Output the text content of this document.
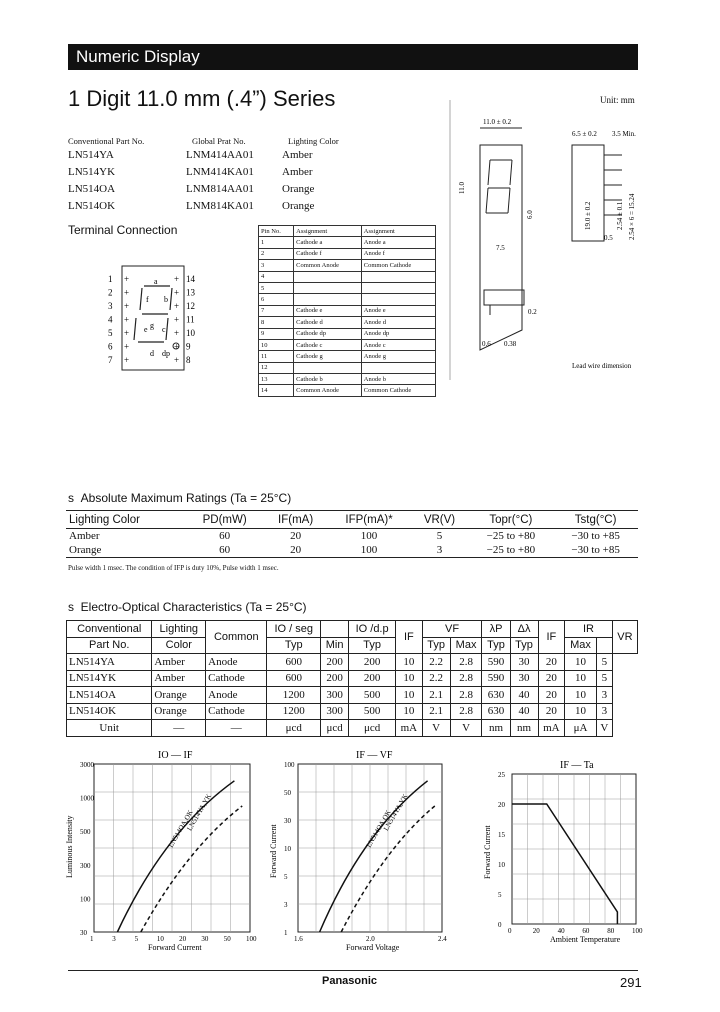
Numeric Display
1 Digit 11.0 mm (.4”) Series
Conventional Part No.	Global Prat No.	Lighting Color
LN514YA	LNM414AA01	Amber
LN514YK	LNM414KA01	Amber
LN514OA	LNM814AA01	Orange
LN514OK	LNM814KA01	Orange
Terminal Connection
1 +
2 +
3 +
4 +
5 +
6 +
7 +
+ 14
+ 13
+ 12
+ 11
+ 10
+ 9
+ 8
a
b
c
d
e
f
g
dp
Pin No.	Assignment	Assignment
1	Cathode a	Anode a
2	Cathode f	Anode f
3	Common Anode	Common Cathode
4		
5		
6		
7	Cathode e	Anode e
8	Cathode d	Anode d
9	Cathode dp	Anode dp
10	Cathode c	Anode c
11	Cathode g	Anode g
12		
13	Cathode b	Anode b
14	Common Anode	Common Cathode
Unit: mm
11.0 ± 0.2
11.0
7.5
6.0
6.5 ± 0.2 3.5 Min.
19.0 ± 0.2	2.54 ± 0.1 2.54 × 6 = 15.24
0.5
0.2
0.6 0.38
Lead wire dimension
s Absolute Maximum Ratings (Ta = 25°C)
Lighting Color	PD(mW)	IF(mA)	IFP(mA)*	VR(V)	Topr(°C)	Tstg(°C)
Amber	60	20	100	5	−25 to +80	−30 to +85
Orange	60	20	100	3	−25 to +80	−30 to +85
Pulse width 1 msec. The condition of IFP is duty 10%, Pulse width 1 msec.
s Electro-Optical Characteristics (Ta = 25°C)
Conventional	Lighting	Common	IO / seg		IO /d.p	IF	VF		λP	Δλ	IF	IR		VR
Part No.	Color		Typ	Min	Typ		Typ	Max	Typ	Typ		Max		
LN514YA	Amber	Anode	600	200	200	10	2.2	2.8	590	30	20	10	5	
LN514YK	Amber	Cathode	600	200	200	10	2.2	2.8	590	30	20	10	5	
LN514OA	Orange	Anode	1200	300	500	10	2.1	2.8	630	40	20	10	3	
LN514OK	Orange	Cathode	1200	300	500	10	2.1	2.8	630	40	20	10	3	
Unit	—	—	μcd	μcd	μcd	mA	V	V	nm	nm	mA	μA	V	
IO — IF
Forward Current
Luminous Intensity
1	3	5	10 20 30 50 100
3000
1000
500
300
100
30
LN514OA,OK
LN514YA,YK
IF — VF
Forward Voltage
Forward Current
1.6	2.0	2.4
100
50
30
10
5
3
1
LN514OA,OK
LN514YA,YK
IF — Ta
Ambient Temperature
Forward Current
0	20	40	60	80	100
25
20
15
10
5
0
Panasonic	291
